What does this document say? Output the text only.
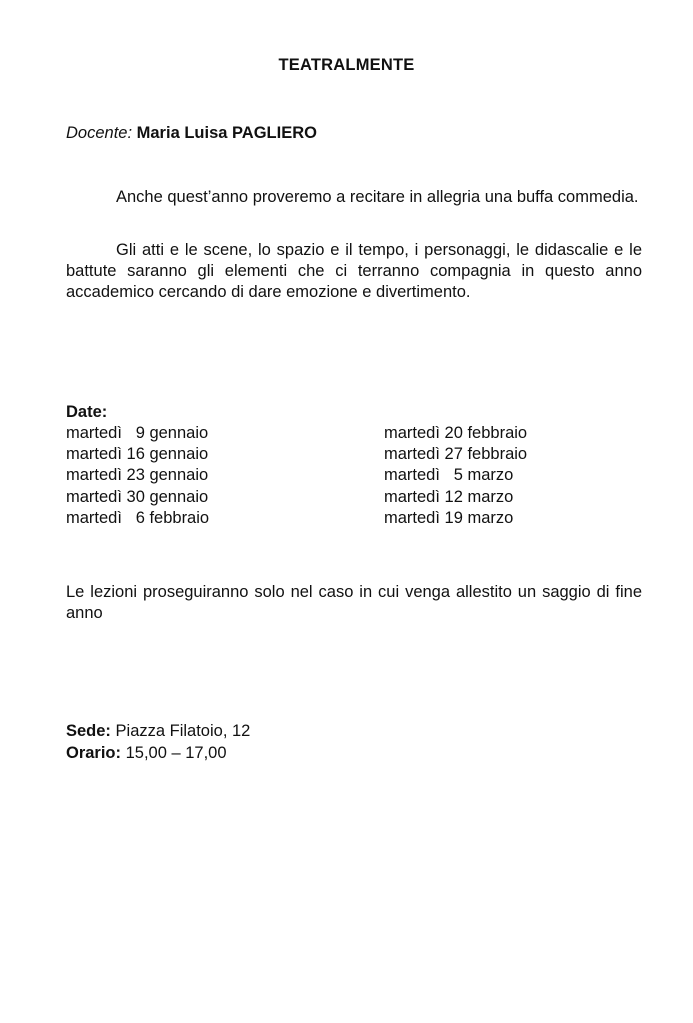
TEATRALMENTE
Docente: Maria Luisa PAGLIERO

Anche quest’anno proveremo a recitare in allegria una buffa commedia.

Gli atti e le scene, lo spazio e il tempo, i personaggi, le didascalie e le battute saranno gli elementi che ci terranno compagnia in questo anno accademico cercando di dare emozione e divertimento.

Date:
martedì   9 gennaio
martedì 16 gennaio
martedì 23 gennaio
martedì 30 gennaio
martedì   6 febbraio
martedì 20 febbraio
martedì 27 febbraio
martedì   5 marzo
martedì 12 marzo
martedì 19 marzo

Le lezioni proseguiranno solo nel caso in cui venga allestito un saggio di fine anno

Sede: Piazza Filatoio, 12
Orario: 15,00 – 17,00
